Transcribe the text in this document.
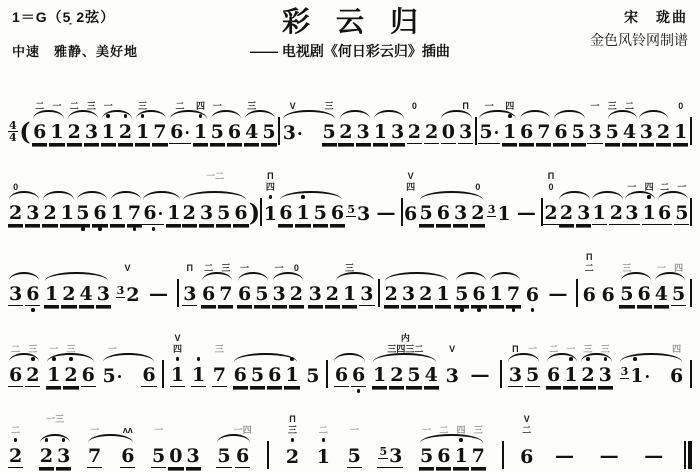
1＝G（5̣ 2弦）
中速　雅静、美好地
彩云归
—— 电视剧《何日彩云归》插曲
宋　珑曲
金色风铃网制谱
4
4 (
二
6
一
1
二
2
三
3
一
1 2
三
1 7
二
6·
四
1
一
5 6
三
4 5
V
3·
三
5 2 3 1 3
0
2 2 0
Π
3
一
5·
四
1 6 7 6 5
一
3
三
5
二
4 3 2
0
1
0
2 3 2 1 5 6 1 7 6· 1 2 3 5 6
一二
)
Π
四
1 6 1 5 6 $^5$ 3 —
V
四
6 5 6 3
0
2 $^3$ 1 —
Π
0
2 2 3 1 2
一
3
四
1
二
6
一
5
3 6 1 2 4 3
V
$^3$ 2 —
Π
3
二
6
三
7
一
6 5
一
3
0
2 3 2
三
1 3 2 3 2 1 5 6 1 7 6 —
Π
二
6 6
三
5 6
一
4
四
5
二
6
三
2
一
1
三
2 6
一
5· 6
V
四
1 1
三
7 6 5 6 1 5 6 6 1 2 5 4
内
三四三二	V
3 —
Π
3
一
5
二
6
一
1
三
2
三
3 $^3$ 1·
四
6
二
2 2 3
一三
一
7
ʌʌ
6
一
5 0 3 5
一四
6
Π
三
2
二
1
一
5 $^5$ 3
一
5
二
6
四
1
三
7
V
二
6 — — —
